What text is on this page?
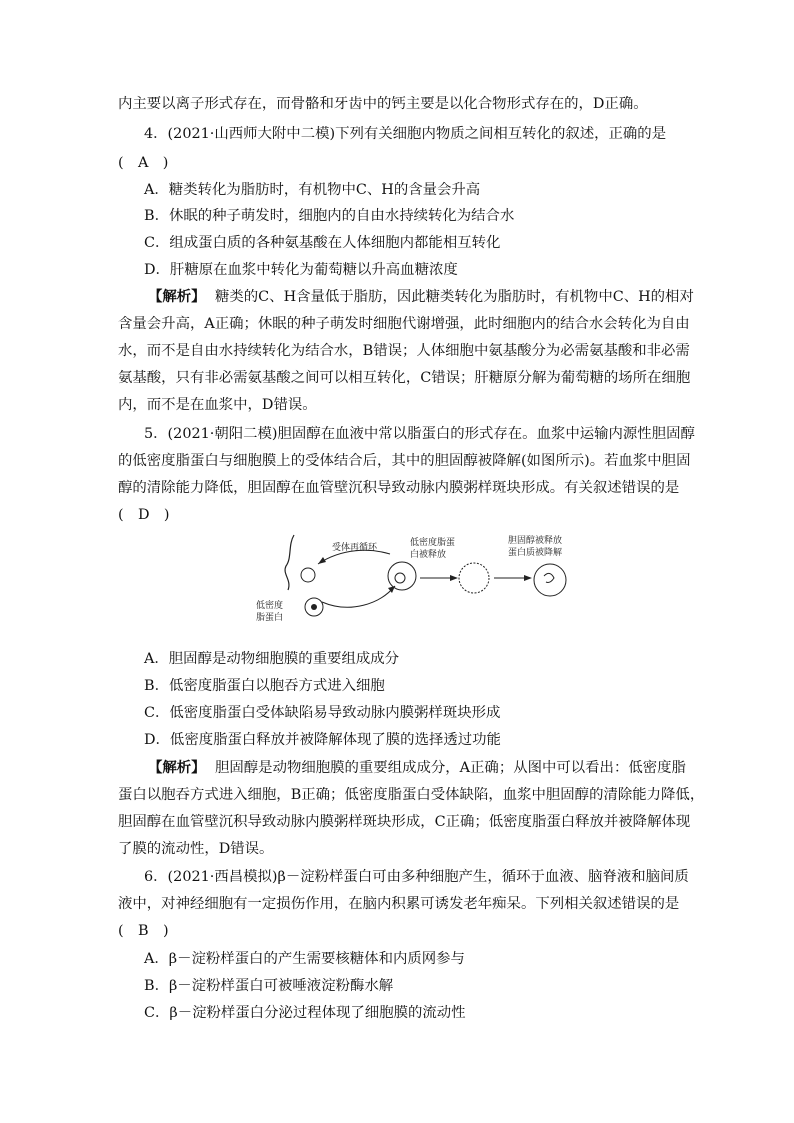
内主要以离子形式存在，而骨骼和牙齿中的钙主要是以化合物形式存在的，D正确。
4．(2021·山西师大附中二模)下列有关细胞内物质之间相互转化的叙述，正确的是
(　A　)
A．糖类转化为脂肪时，有机物中C、H的含量会升高
B．休眠的种子萌发时，细胞内的自由水持续转化为结合水
C．组成蛋白质的各种氨基酸在人体细胞内都能相互转化
D．肝糖原在血浆中转化为葡萄糖以升高血糖浓度
【解析】 糖类的C、H含量低于脂肪，因此糖类转化为脂肪时，有机物中C、H的相对
含量会升高，A正确；休眠的种子萌发时细胞代谢增强，此时细胞内的结合水会转化为自由
水，而不是自由水持续转化为结合水，B错误；人体细胞中氨基酸分为必需氨基酸和非必需
氨基酸，只有非必需氨基酸之间可以相互转化，C错误；肝糖原分解为葡萄糖的场所在细胞
内，而不是在血浆中，D错误。
5．(2021·朝阳二模)胆固醇在血液中常以脂蛋白的形式存在。血浆中运输内源性胆固醇
的低密度脂蛋白与细胞膜上的受体结合后，其中的胆固醇被降解(如图所示)。若血浆中胆固
醇的清除能力降低，胆固醇在血管壁沉积导致动脉内膜粥样斑块形成。有关叙述错误的是
(　D　)
受体再循环	低密度脂蛋
白被释放
胆固醇被释放
蛋白质被降解
低密度
脂蛋白
A．胆固醇是动物细胞膜的重要组成成分
B．低密度脂蛋白以胞吞方式进入细胞
C．低密度脂蛋白受体缺陷易导致动脉内膜粥样斑块形成
D．低密度脂蛋白释放并被降解体现了膜的选择透过功能
【解析】 胆固醇是动物细胞膜的重要组成成分，A正确；从图中可以看出：低密度脂
蛋白以胞吞方式进入细胞，B正确；低密度脂蛋白受体缺陷，血浆中胆固醇的清除能力降低，
胆固醇在血管壁沉积导致动脉内膜粥样斑块形成，C正确；低密度脂蛋白释放并被降解体现
了膜的流动性，D错误。
6．(2021·西昌模拟)β－淀粉样蛋白可由多种细胞产生，循环于血液、脑脊液和脑间质
液中，对神经细胞有一定损伤作用，在脑内积累可诱发老年痴呆。下列相关叙述错误的是
(　B　)
A．β－淀粉样蛋白的产生需要核糖体和内质网参与
B．β－淀粉样蛋白可被唾液淀粉酶水解
C．β－淀粉样蛋白分泌过程体现了细胞膜的流动性
